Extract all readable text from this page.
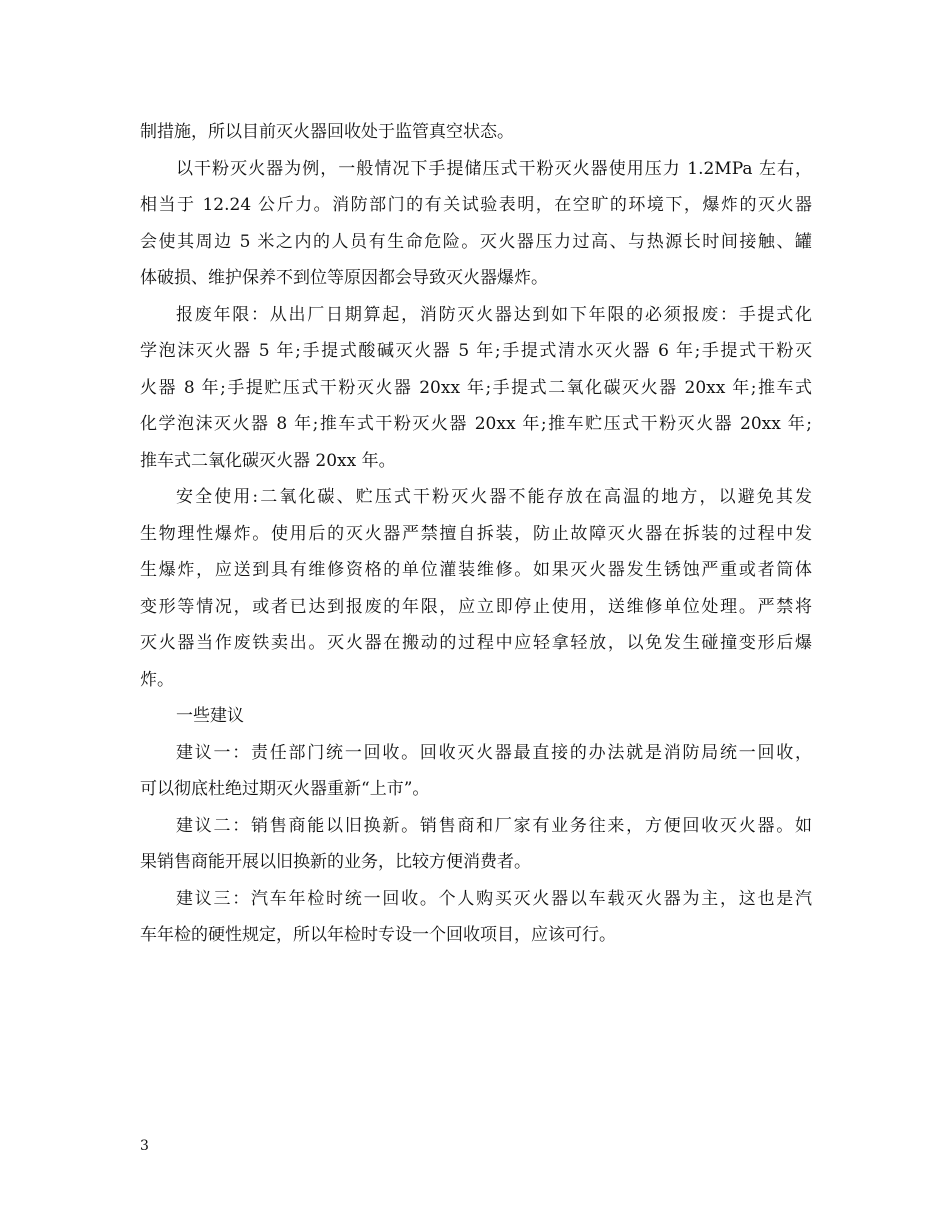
制措施，所以目前灭火器回收处于监管真空状态。
以干粉灭火器为例，一般情况下手提储压式干粉灭火器使用压力 1.2MPa 左右，
相当于 12.24 公斤力。消防部门的有关试验表明，在空旷的环境下，爆炸的灭火器
会使其周边 5 米之内的人员有生命危险。灭火器压力过高、与热源长时间接触、罐
体破损、维护保养不到位等原因都会导致灭火器爆炸。
报废年限：从出厂日期算起，消防灭火器达到如下年限的必须报废：手提式化
学泡沫灭火器 5 年;手提式酸碱灭火器 5 年;手提式清水灭火器 6 年;手提式干粉灭
火器 8 年;手提贮压式干粉灭火器 20xx 年;手提式二氧化碳灭火器 20xx 年;推车式
化学泡沫灭火器 8 年;推车式干粉灭火器 20xx 年;推车贮压式干粉灭火器 20xx 年;
推车式二氧化碳灭火器 20xx 年。
安全使用:二氧化碳、贮压式干粉灭火器不能存放在高温的地方，以避免其发
生物理性爆炸。使用后的灭火器严禁擅自拆装，防止故障灭火器在拆装的过程中发
生爆炸，应送到具有维修资格的单位灌装维修。如果灭火器发生锈蚀严重或者筒体
变形等情况，或者已达到报废的年限，应立即停止使用，送维修单位处理。严禁将
灭火器当作废铁卖出。灭火器在搬动的过程中应轻拿轻放，以免发生碰撞变形后爆
炸。
一些建议
建议一：责任部门统一回收。回收灭火器最直接的办法就是消防局统一回收，
可以彻底杜绝过期灭火器重新“上市”。
建议二：销售商能以旧换新。销售商和厂家有业务往来，方便回收灭火器。如
果销售商能开展以旧换新的业务，比较方便消费者。
建议三：汽车年检时统一回收。个人购买灭火器以车载灭火器为主，这也是汽
车年检的硬性规定，所以年检时专设一个回收项目，应该可行。
3
